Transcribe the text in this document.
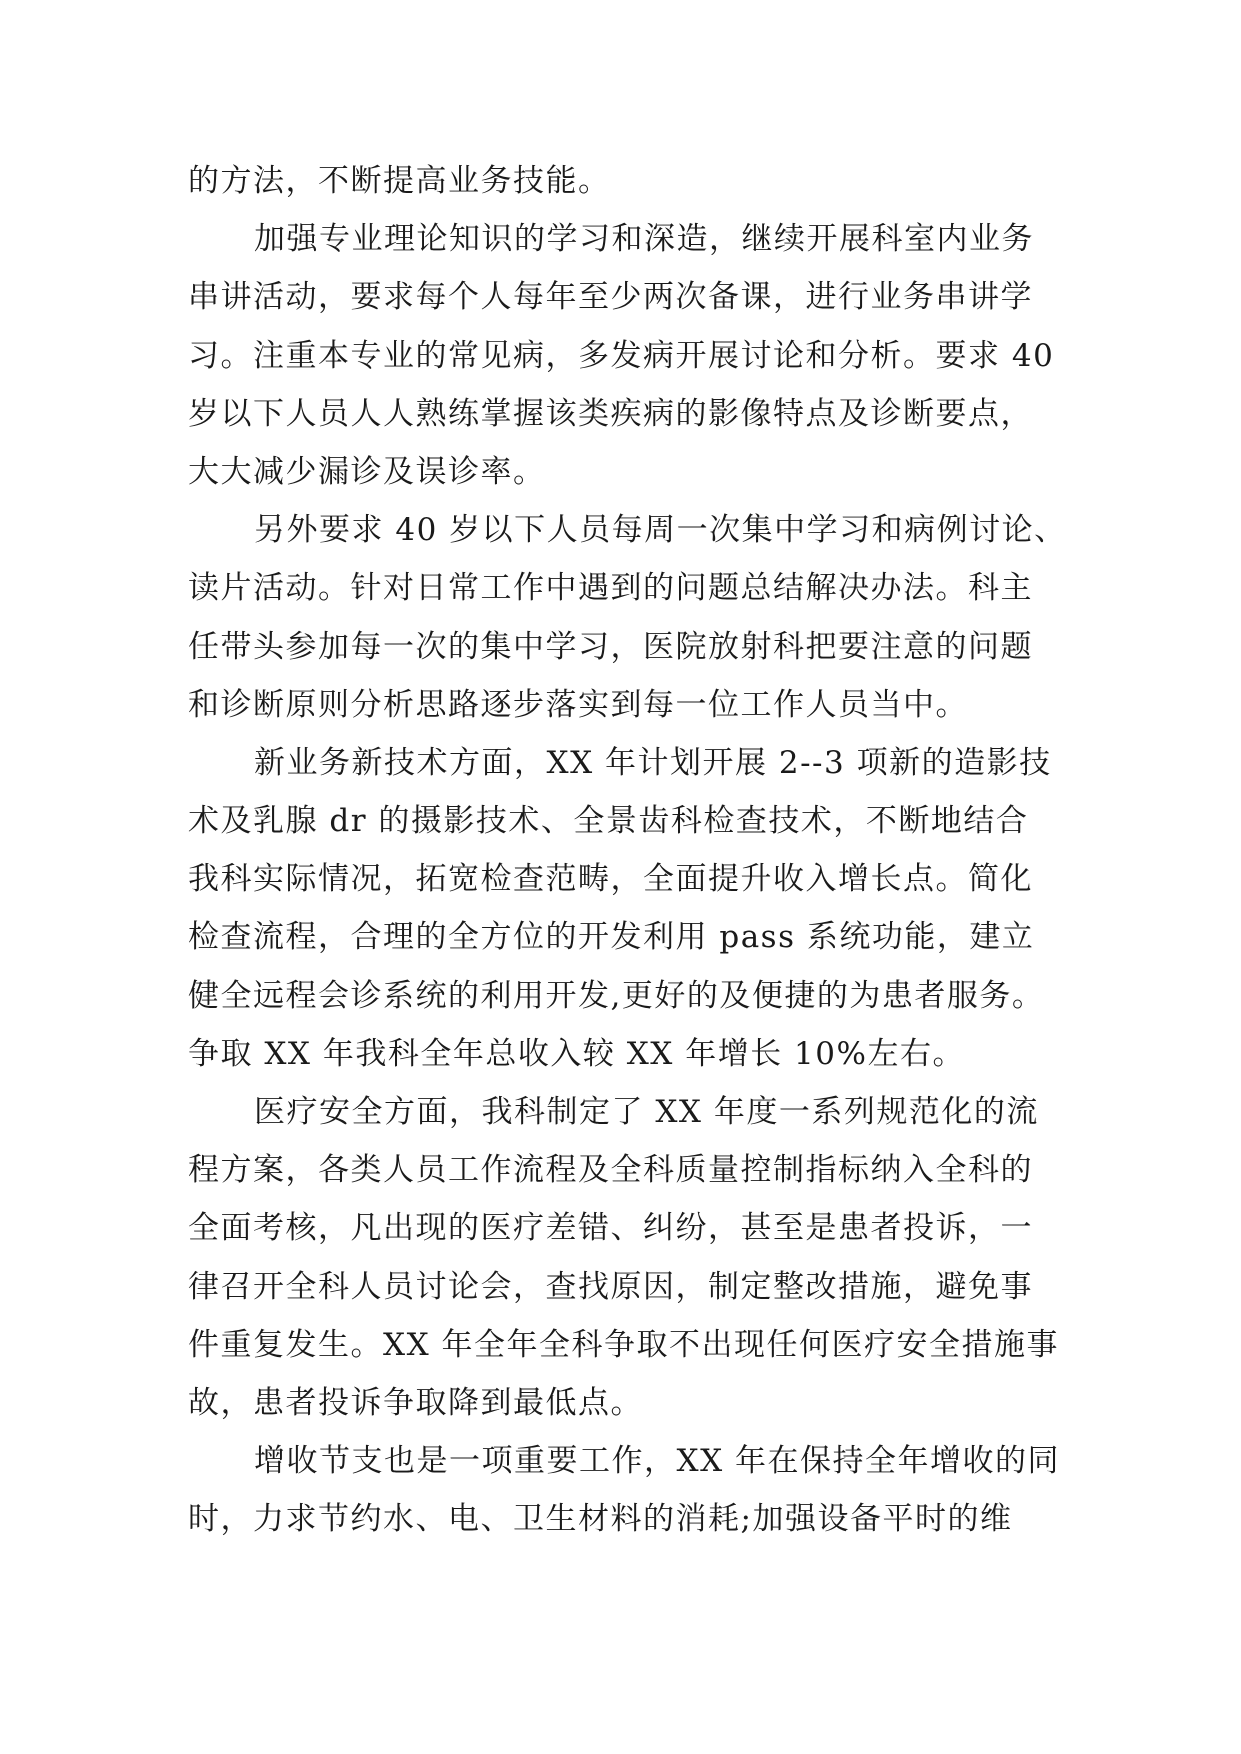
的方法，不断提高业务技能。
加强专业理论知识的学习和深造，继续开展科室内业务
串讲活动，要求每个人每年至少两次备课，进行业务串讲学
习。注重本专业的常见病，多发病开展讨论和分析。要求 40
岁以下人员人人熟练掌握该类疾病的影像特点及诊断要点，
大大减少漏诊及误诊率。
另外要求 40 岁以下人员每周一次集中学习和病例讨论、
读片活动。针对日常工作中遇到的问题总结解决办法。科主
任带头参加每一次的集中学习，医院放射科把要注意的问题
和诊断原则分析思路逐步落实到每一位工作人员当中。
新业务新技术方面，XX 年计划开展 2--3 项新的造影技
术及乳腺 dr 的摄影技术、全景齿科检查技术，不断地结合
我科实际情况，拓宽检查范畴，全面提升收入增长点。简化
检查流程，合理的全方位的开发利用 pass 系统功能，建立
健全远程会诊系统的利用开发,更好的及便捷的为患者服务。
争取 XX 年我科全年总收入较 XX 年增长 10%左右。
医疗安全方面，我科制定了 XX 年度一系列规范化的流
程方案，各类人员工作流程及全科质量控制指标纳入全科的
全面考核，凡出现的医疗差错、纠纷，甚至是患者投诉，一
律召开全科人员讨论会，查找原因，制定整改措施，避免事
件重复发生。XX 年全年全科争取不出现任何医疗安全措施事
故，患者投诉争取降到最低点。
增收节支也是一项重要工作，XX 年在保持全年增收的同
时，力求节约水、电、卫生材料的消耗;加强设备平时的维
